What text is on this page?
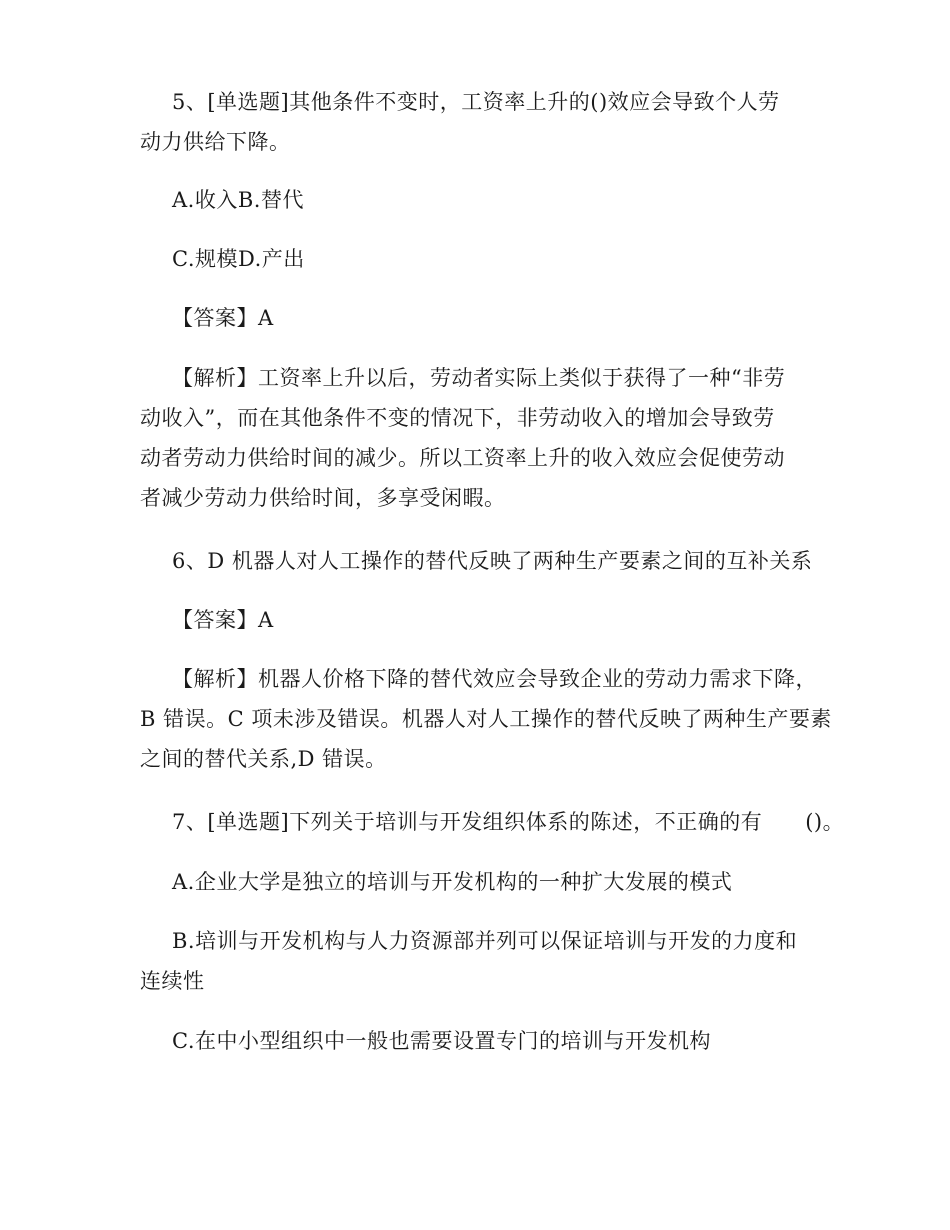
5、[单选题]其他条件不变时，工资率上升的()效应会导致个人劳
动力供给下降。
A.收入B.替代
C.规模D.产出
【答案】A
【解析】工资率上升以后，劳动者实际上类似于获得了一种“非劳
动收入”，而在其他条件不变的情况下，非劳动收入的增加会导致劳
动者劳动力供给时间的减少。所以工资率上升的收入效应会促使劳动
者减少劳动力供给时间，多享受闲暇。
6、D 机器人对人工操作的替代反映了两种生产要素之间的互补关系
【答案】A
【解析】机器人价格下降的替代效应会导致企业的劳动力需求下降，
B 错误。C 项未涉及错误。机器人对人工操作的替代反映了两种生产要素
之间的替代关系,D 错误。
7、[单选题]下列关于培训与开发组织体系的陈述，不正确的有　　()。
A.企业大学是独立的培训与开发机构的一种扩大发展的模式
B.培训与开发机构与人力资源部并列可以保证培训与开发的力度和
连续性
C.在中小型组织中一般也需要设置专门的培训与开发机构
